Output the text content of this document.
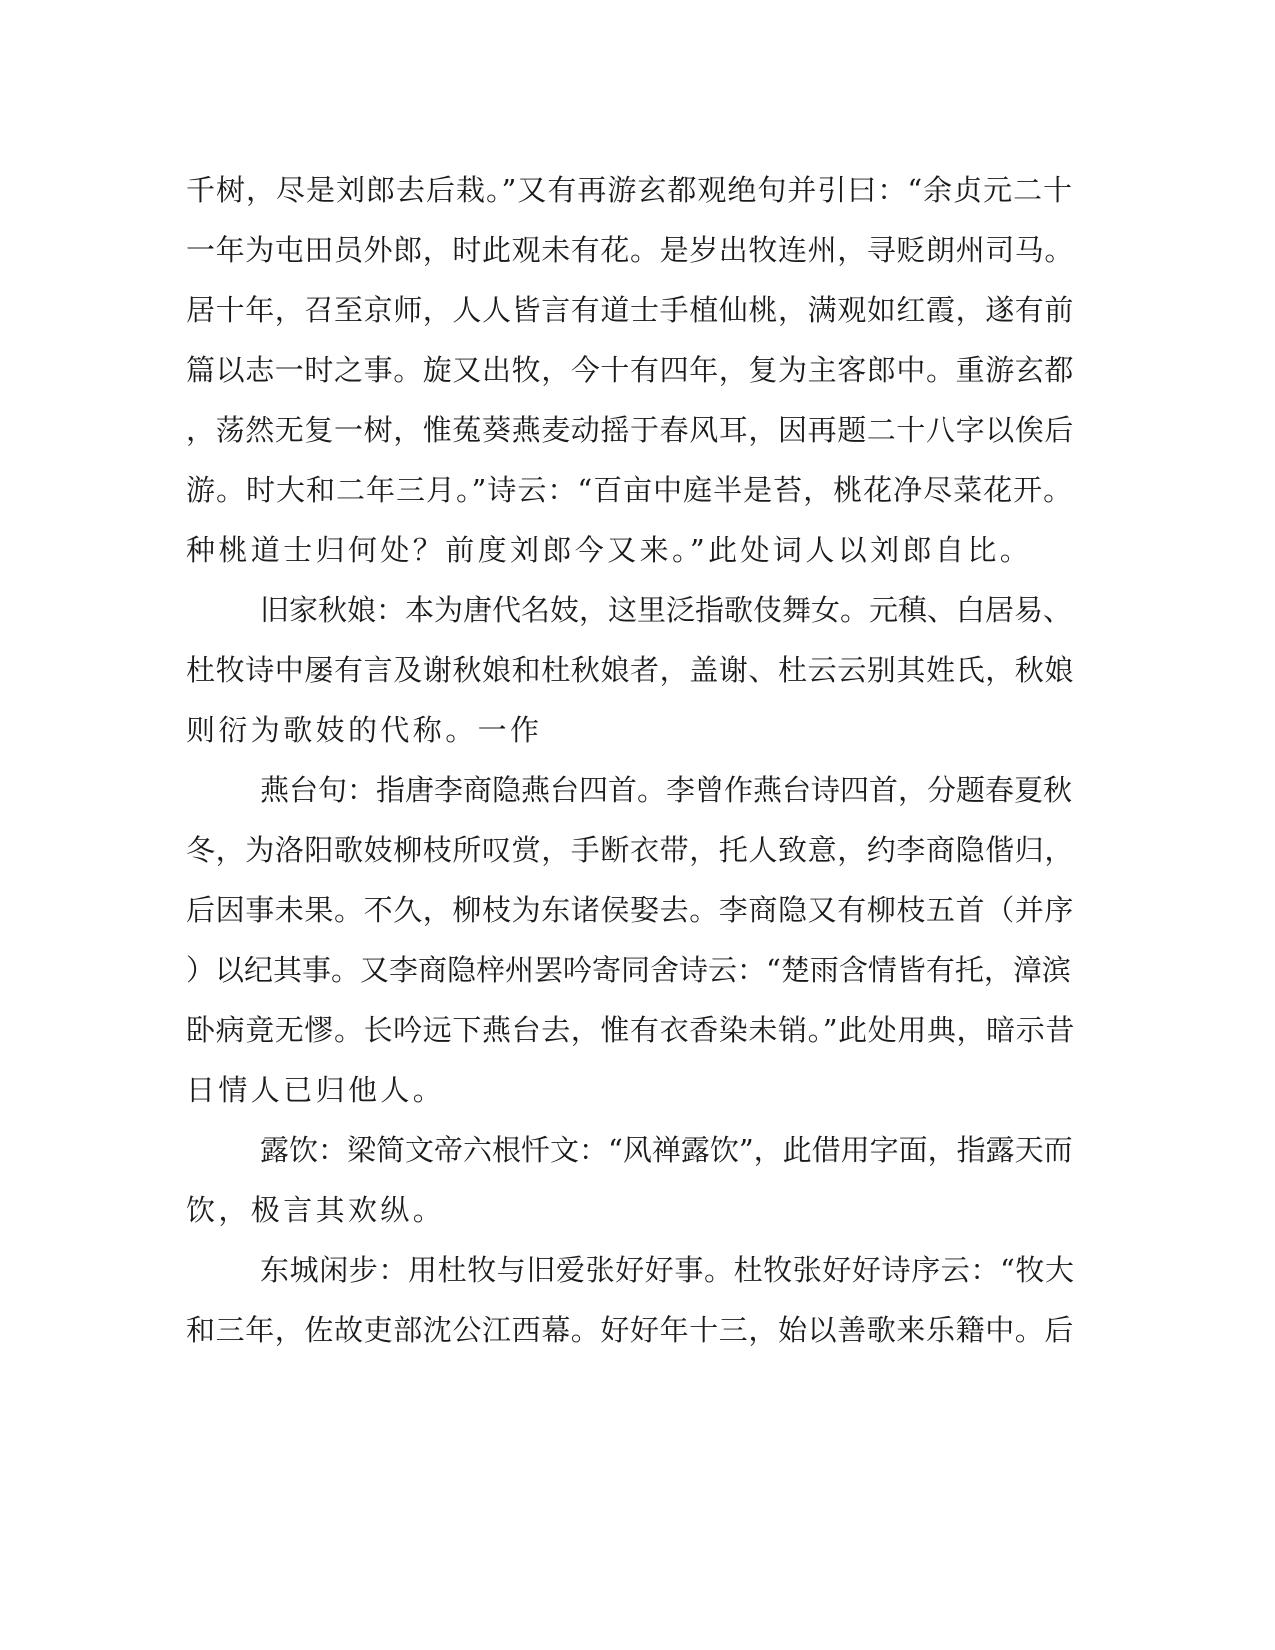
千树，尽是刘郎去后栽。”又有再游玄都观绝句并引曰：“余贞元二十
一年为屯田员外郎，时此观未有花。是岁出牧连州，寻贬朗州司马。
居十年，召至京师，人人皆言有道士手植仙桃，满观如红霞，遂有前
篇以志一时之事。旋又出牧，今十有四年，复为主客郎中。重游玄都
，荡然无复一树，惟菟葵燕麦动摇于春风耳，因再题二十八字以俟后
游。时大和二年三月。”诗云：“百亩中庭半是苔，桃花净尽菜花开。
种桃道士归何处？前度刘郎今又来。”此处词人以刘郎自比。
旧家秋娘：本为唐代名妓，这里泛指歌伎舞女。元稹、白居易、
杜牧诗中屡有言及谢秋娘和杜秋娘者，盖谢、杜云云别其姓氏，秋娘
则衍为歌妓的代称。一作
燕台句：指唐李商隐燕台四首。李曾作燕台诗四首，分题春夏秋
冬，为洛阳歌妓柳枝所叹赏，手断衣带，托人致意，约李商隐偕归，
后因事未果。不久，柳枝为东诸侯娶去。李商隐又有柳枝五首（并序
）以纪其事。又李商隐梓州罢吟寄同舍诗云：“楚雨含情皆有托，漳滨
卧病竟无憀。长吟远下燕台去，惟有衣香染未销。”此处用典，暗示昔
日情人已归他人。
露饮：梁简文帝六根忏文：“风禅露饮”，此借用字面，指露天而
饮，极言其欢纵。
东城闲步：用杜牧与旧爱张好好事。杜牧张好好诗序云：“牧大
和三年，佐故吏部沈公江西幕。好好年十三，始以善歌来乐籍中。后
